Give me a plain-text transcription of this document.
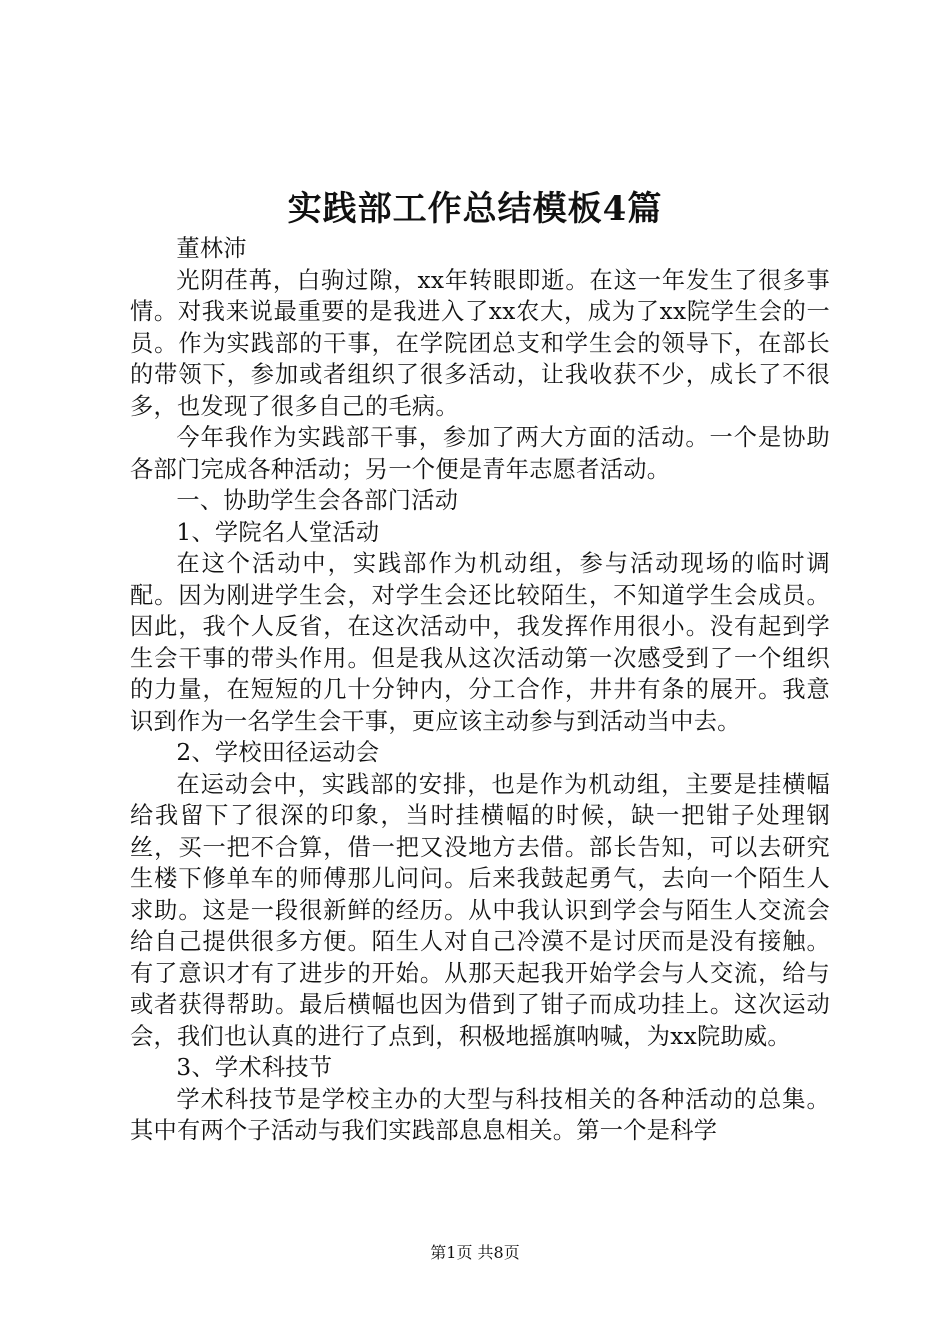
实践部工作总结模板4篇

董林沛

光阴荏苒，白驹过隙，xx年转眼即逝。在这一年发生了很多事情。对我来说最重要的是我进入了xx农大，成为了xx院学生会的一员。作为实践部的干事，在学院团总支和学生会的领导下，在部长的带领下，参加或者组织了很多活动，让我收获不少，成长了不很多，也发现了很多自己的毛病。

今年我作为实践部干事，参加了两大方面的活动。一个是协助各部门完成各种活动；另一个便是青年志愿者活动。

一、协助学生会各部门活动

1、学院名人堂活动

在这个活动中，实践部作为机动组，参与活动现场的临时调配。因为刚进学生会，对学生会还比较陌生，不知道学生会成员。因此，我个人反省，在这次活动中，我发挥作用很小。没有起到学生会干事的带头作用。但是我从这次活动第一次感受到了一个组织的力量，在短短的几十分钟内，分工合作，井井有条的展开。我意识到作为一名学生会干事，更应该主动参与到活动当中去。

2、学校田径运动会

在运动会中，实践部的安排，也是作为机动组，主要是挂横幅给我留下了很深的印象，当时挂横幅的时候，缺一把钳子处理钢丝，买一把不合算，借一把又没地方去借。部长告知，可以去研究生楼下修单车的师傅那儿问问。后来我鼓起勇气，去向一个陌生人求助。这是一段很新鲜的经历。从中我认识到学会与陌生人交流会给自己提供很多方便。陌生人对自己冷漠不是讨厌而是没有接触。有了意识才有了进步的开始。从那天起我开始学会与人交流，给与或者获得帮助。最后横幅也因为借到了钳子而成功挂上。这次运动会，我们也认真的进行了点到，积极地摇旗呐喊，为xx院助威。

3、学术科技节

学术科技节是学校主办的大型与科技相关的各种活动的总集。其中有两个子活动与我们实践部息息相关。第一个是科学

第1页 共8页
